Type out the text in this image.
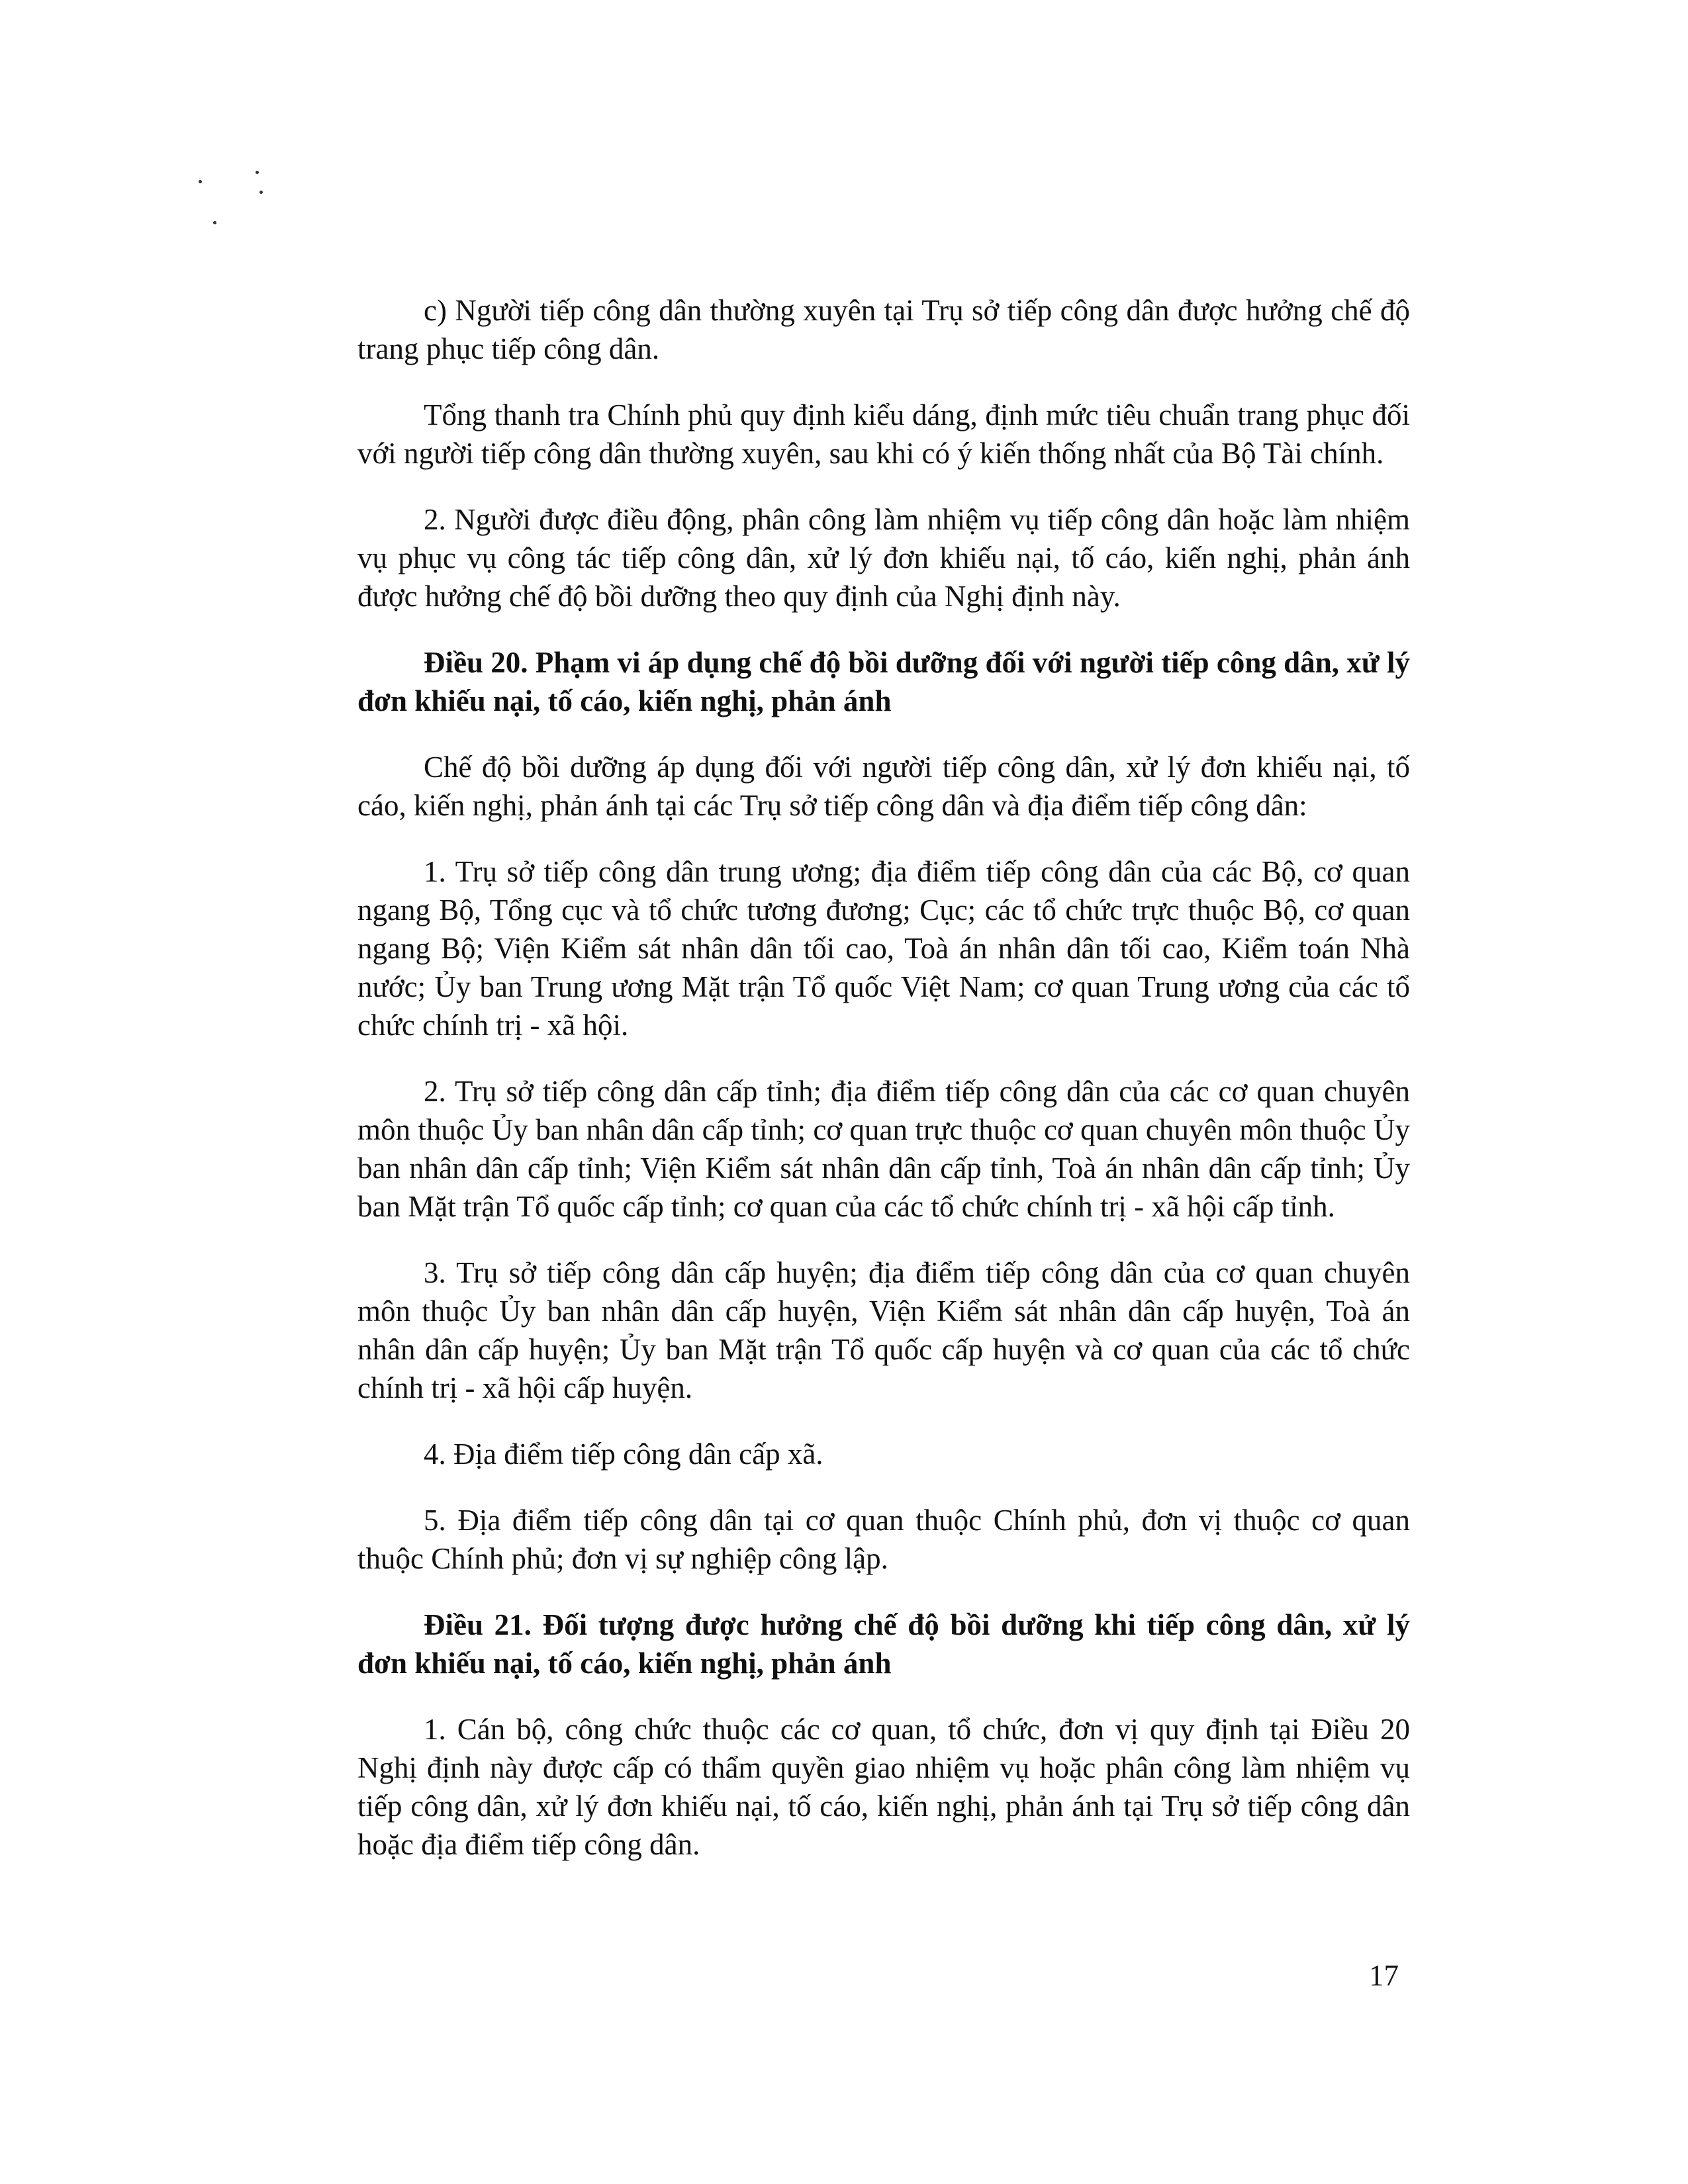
c) Người tiếp công dân thường xuyên tại Trụ sở tiếp công dân được hưởng chế độ trang phục tiếp công dân.

Tổng thanh tra Chính phủ quy định kiểu dáng, định mức tiêu chuẩn trang phục đối với người tiếp công dân thường xuyên, sau khi có ý kiến thống nhất của Bộ Tài chính.

2. Người được điều động, phân công làm nhiệm vụ tiếp công dân hoặc làm nhiệm vụ phục vụ công tác tiếp công dân, xử lý đơn khiếu nại, tố cáo, kiến nghị, phản ánh được hưởng chế độ bồi dưỡng theo quy định của Nghị định này.

Điều 20. Phạm vi áp dụng chế độ bồi dưỡng đối với người tiếp công dân, xử lý đơn khiếu nại, tố cáo, kiến nghị, phản ánh

Chế độ bồi dưỡng áp dụng đối với người tiếp công dân, xử lý đơn khiếu nại, tố cáo, kiến nghị, phản ánh tại các Trụ sở tiếp công dân và địa điểm tiếp công dân:

1. Trụ sở tiếp công dân trung ương; địa điểm tiếp công dân của các Bộ, cơ quan ngang Bộ, Tổng cục và tổ chức tương đương; Cục; các tổ chức trực thuộc Bộ, cơ quan ngang Bộ; Viện Kiểm sát nhân dân tối cao, Toà án nhân dân tối cao, Kiểm toán Nhà nước; Ủy ban Trung ương Mặt trận Tổ quốc Việt Nam; cơ quan Trung ương của các tổ chức chính trị - xã hội.

2. Trụ sở tiếp công dân cấp tỉnh; địa điểm tiếp công dân của các cơ quan chuyên môn thuộc Ủy ban nhân dân cấp tỉnh; cơ quan trực thuộc cơ quan chuyên môn thuộc Ủy ban nhân dân cấp tỉnh; Viện Kiểm sát nhân dân cấp tỉnh, Toà án nhân dân cấp tỉnh; Ủy ban Mặt trận Tổ quốc cấp tỉnh; cơ quan của các tổ chức chính trị - xã hội cấp tỉnh.

3. Trụ sở tiếp công dân cấp huyện; địa điểm tiếp công dân của cơ quan chuyên môn thuộc Ủy ban nhân dân cấp huyện, Viện Kiểm sát nhân dân cấp huyện, Toà án nhân dân cấp huyện; Ủy ban Mặt trận Tổ quốc cấp huyện và cơ quan của các tổ chức chính trị - xã hội cấp huyện.

4. Địa điểm tiếp công dân cấp xã.

5. Địa điểm tiếp công dân tại cơ quan thuộc Chính phủ, đơn vị thuộc cơ quan thuộc Chính phủ; đơn vị sự nghiệp công lập.

Điều 21. Đối tượng được hưởng chế độ bồi dưỡng khi tiếp công dân, xử lý đơn khiếu nại, tố cáo, kiến nghị, phản ánh

1. Cán bộ, công chức thuộc các cơ quan, tổ chức, đơn vị quy định tại Điều 20 Nghị định này được cấp có thẩm quyền giao nhiệm vụ hoặc phân công làm nhiệm vụ tiếp công dân, xử lý đơn khiếu nại, tố cáo, kiến nghị, phản ánh tại Trụ sở tiếp công dân hoặc địa điểm tiếp công dân.

17
